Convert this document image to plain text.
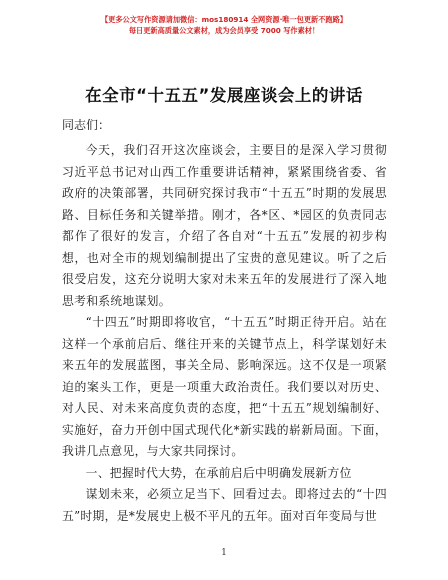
【更多公文写作资源请加微信：mos180914 全网资源·唯一包更新不跑路】
每日更新高质量公文素材，成为会员享受 7000 写作素材！
在全市“十五五”发展座谈会上的讲话
同志们：

今天，我们召开这次座谈会，主要目的是深入学习贯彻习近平总书记对山西工作重要讲话精神，紧紧围绕省委、省政府的决策部署，共同研究探讨我市“十五五”时期的发展思路、目标任务和关键举措。刚才，各*区、*园区的负责同志都作了很好的发言，介绍了各自对“十五五”发展的初步构想，也对全市的规划编制提出了宝贵的意见建议。听了之后很受启发，这充分说明大家对未来五年的发展进行了深入地思考和系统地谋划。

“十四五”时期即将收官，“十五五”时期正待开启。站在这样一个承前启后、继往开来的关键节点上，科学谋划好未来五年的发展蓝图，事关全局、影响深远。这不仅是一项紧迫的案头工作，更是一项重大政治责任。我们要以对历史、对人民、对未来高度负责的态度，把“十五五”规划编制好、实施好，奋力开创中国式现代化*新实践的崭新局面。下面，我讲几点意见，与大家共同探讨。

一、把握时代大势，在承前启后中明确发展新方位

谋划未来，必须立足当下、回看过去。即将过去的“十四五”时期，是*发展史上极不平凡的五年。面对百年变局与世

1
